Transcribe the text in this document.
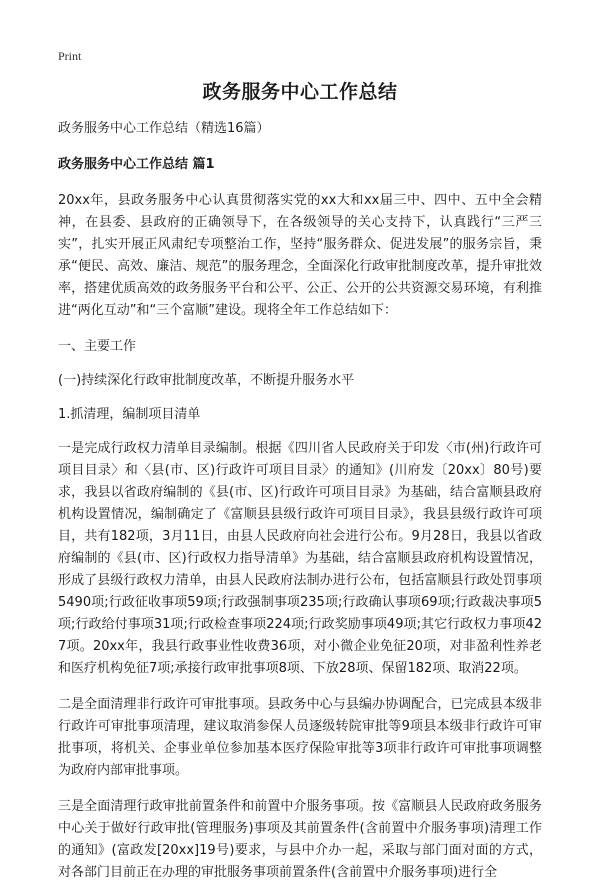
Print
政务服务中心工作总结

政务服务中心工作总结（精选16篇）

政务服务中心工作总结 篇1

20xx年，县政务服务中心认真贯彻落实党的xx大和xx届三中、四中、五中全会精神，在县委、县政府的正确领导下，在各级领导的关心支持下，认真践行“三严三实”，扎实开展正风肃纪专项整治工作，坚持“服务群众、促进发展”的服务宗旨，秉承“便民、高效、廉洁、规范”的服务理念，全面深化行政审批制度改革，提升审批效率，搭建优质高效的政务服务平台和公平、公正、公开的公共资源交易环境，有利推进“两化互动”和“三个富顺”建设。现将全年工作总结如下：

一、主要工作

(一)持续深化行政审批制度改革，不断提升服务水平

1.抓清理，编制项目清单

一是完成行政权力清单目录编制。根据《四川省人民政府关于印发〈市(州)行政许可项目目录〉和〈县(市、区)行政许可项目目录〉的通知》(川府发〔20xx〕80号)要求，我县以省政府编制的《县(市、区)行政许可项目目录》为基础，结合富顺县政府机构设置情况，编制确定了《富顺县县级行政许可项目目录》，我县县级行政许可项目，共有182项，3月11日，由县人民政府向社会进行公布。9月28日，我县以省政府编制的《县(市、区)行政权力指导清单》为基础，结合富顺县政府机构设置情况，形成了县级行政权力清单，由县人民政府法制办进行公布，包括富顺县行政处罚事项5490项;行政征收事项59项;行政强制事项235项;行政确认事项69项;行政裁决事项5项;行政给付事项31项;行政检查事项224项;行政奖励事项49项;其它行政权力事项427项。20xx年，我县行政事业性收费36项，对小微企业免征20项，对非盈利性养老和医疗机构免征7项;承接行政审批事项8项、下放28项、保留182项、取消22项。

二是全面清理非行政许可审批事项。县政务中心与县编办协调配合，已完成县本级非行政许可审批事项清理，建议取消参保人员逐级转院审批等9项县本级非行政许可审批事项，将机关、企事业单位参加基本医疗保险审批等3项非行政许可审批事项调整为政府内部审批事项。

三是全面清理行政审批前置条件和前置中介服务事项。按《富顺县人民政府政务服务中心关于做好行政审批(管理服务)事项及其前置条件(含前置中介服务事项)清理工作的通知》(富政发[20xx]19号)要求，与县中介办一起，采取与部门面对面的方式，对各部门目前正在办理的审批服务事项前置条件(含前置中介服务事项)进行全
